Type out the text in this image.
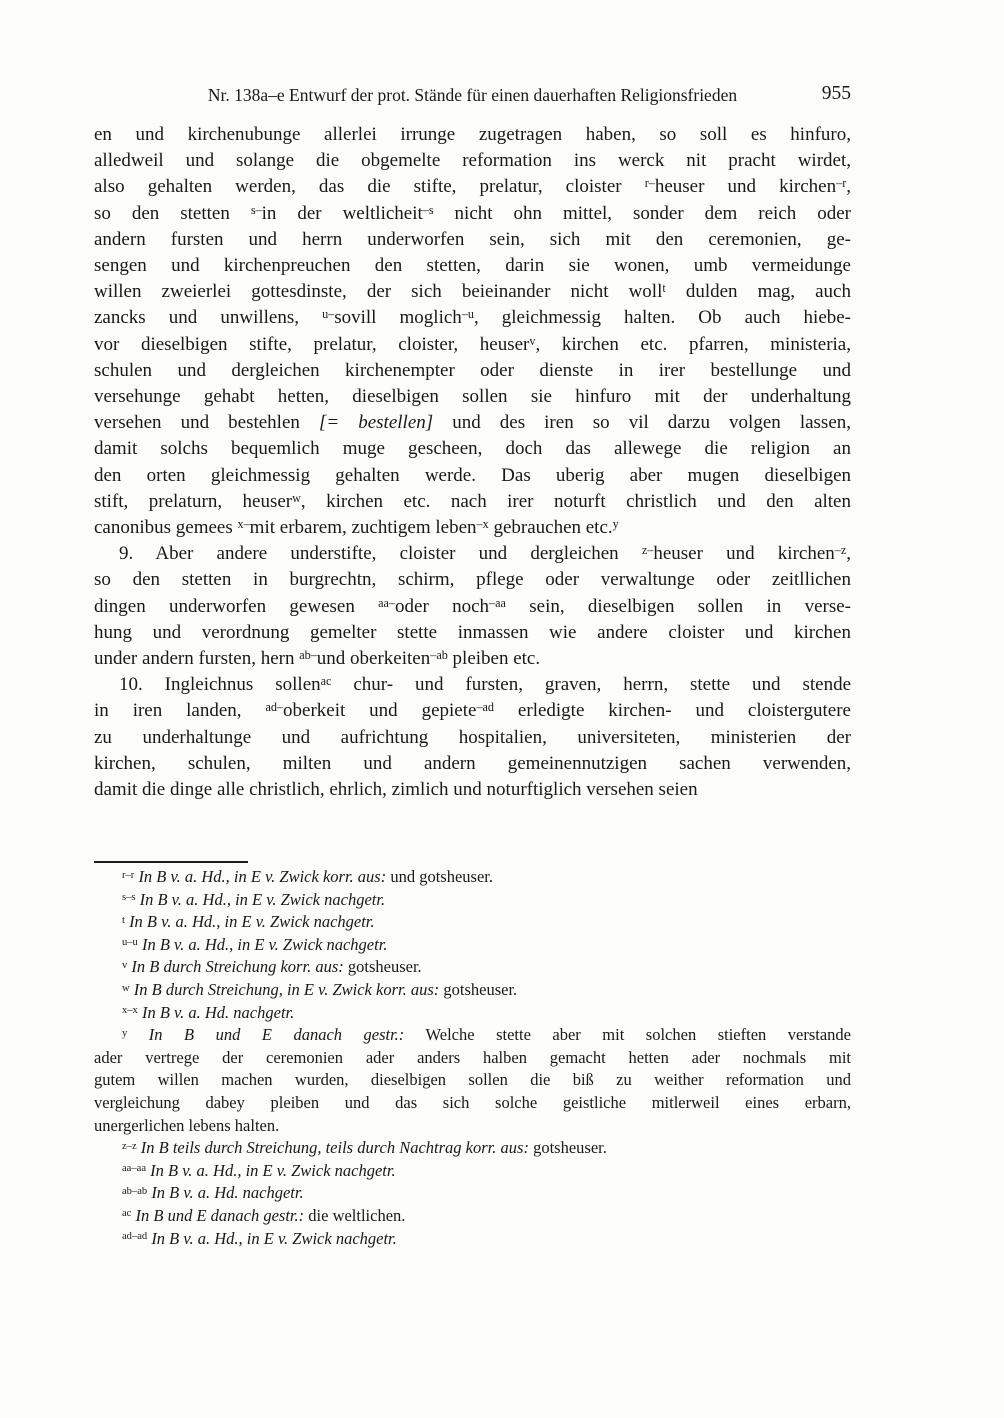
Nr. 138a–e Entwurf der prot. Stände für einen dauerhaften Religionsfrieden	955
en und kirchenubunge allerlei irrunge zugetragen haben, so soll es hinfuro,
alledweil und solange die obgemelte reformation ins werck nit pracht wirdet,
also gehalten werden, das die stifte, prelatur, cloister $^{r-}$heuser und kirchen$^{-r}$,
so den stetten $^{s-}$in der weltlicheit$^{-s}$ nicht ohn mittel, sonder dem reich oder
andern fursten und herrn underworfen sein, sich mit den ceremonien, ge-
sengen und kirchenpreuchen den stetten, darin sie wonen, umb vermeidunge
willen zweierlei gottesdinste, der sich beieinander nicht woll$^t$ dulden mag, auch
zancks und unwillens, $^{u-}$sovill moglich$^{-u}$, gleichmessig halten. Ob auch hiebe-
vor dieselbigen stifte, prelatur, cloister, heuser$^v$, kirchen etc. pfarren, ministeria,
schulen und dergleichen kirchenempter oder dienste in irer bestellunge und
versehunge gehabt hetten, dieselbigen sollen sie hinfuro mit der underhaltung
versehen und bestehlen [= bestellen] und des iren so vil darzu volgen lassen,
damit solchs bequemlich muge gescheen, doch das allewege die religion an
den orten gleichmessig gehalten werde. Das uberig aber mugen dieselbigen
stift, prelaturn, heuser$^w$, kirchen etc. nach irer noturft christlich und den alten
canonibus gemees $^{x-}$mit erbarem, zuchtigem leben$^{-x}$ gebrauchen etc.$^y$
9. Aber andere understifte, cloister und dergleichen $^{z-}$heuser und kirchen$^{-z}$,
so den stetten in burgrechtn, schirm, pflege oder verwaltunge oder zeitllichen
dingen underworfen gewesen $^{aa-}$oder noch$^{-aa}$ sein, dieselbigen sollen in verse-
hung und verordnung gemelter stette inmassen wie andere cloister und kirchen
under andern fursten, hern $^{ab-}$und oberkeiten$^{-ab}$ pleiben etc.
10. Ingleichnus sollen$^{ac}$ chur- und fursten, graven, herrn, stette und stende
in iren landen, $^{ad-}$oberkeit und gepiete$^{-ad}$ erledigte kirchen- und cloistergutere
zu underhaltunge und aufrichtung hospitalien, universiteten, ministerien der
kirchen, schulen, milten und andern gemeinennutzigen sachen verwenden,
damit die dinge alle christlich, ehrlich, zimlich und noturftiglich versehen seien
$^{r-r}$ In B v. a. Hd., in E v. Zwick korr. aus: und gotsheuser.
$^{s-s}$ In B v. a. Hd., in E v. Zwick nachgetr.
$^t$ In B v. a. Hd., in E v. Zwick nachgetr.
$^{u-u}$ In B v. a. Hd., in E v. Zwick nachgetr.
$^v$ In B durch Streichung korr. aus: gotsheuser.
$^w$ In B durch Streichung, in E v. Zwick korr. aus: gotsheuser.
$^{x-x}$ In B v. a. Hd. nachgetr.
$^y$ In B und E danach gestr.: Welche stette aber mit solchen stieften verstande
ader vertrege der ceremonien ader anders halben gemacht hetten ader nochmals mit
gutem willen machen wurden, dieselbigen sollen die biß zu weither reformation und
vergleichung dabey pleiben und das sich solche geistliche mitlerweil eines erbarn,
unergerlichen lebens halten.
$^{z-z}$ In B teils durch Streichung, teils durch Nachtrag korr. aus: gotsheuser.
$^{aa-aa}$ In B v. a. Hd., in E v. Zwick nachgetr.
$^{ab-ab}$ In B v. a. Hd. nachgetr.
$^{ac}$ In B und E danach gestr.: die weltlichen.
$^{ad-ad}$ In B v. a. Hd., in E v. Zwick nachgetr.
